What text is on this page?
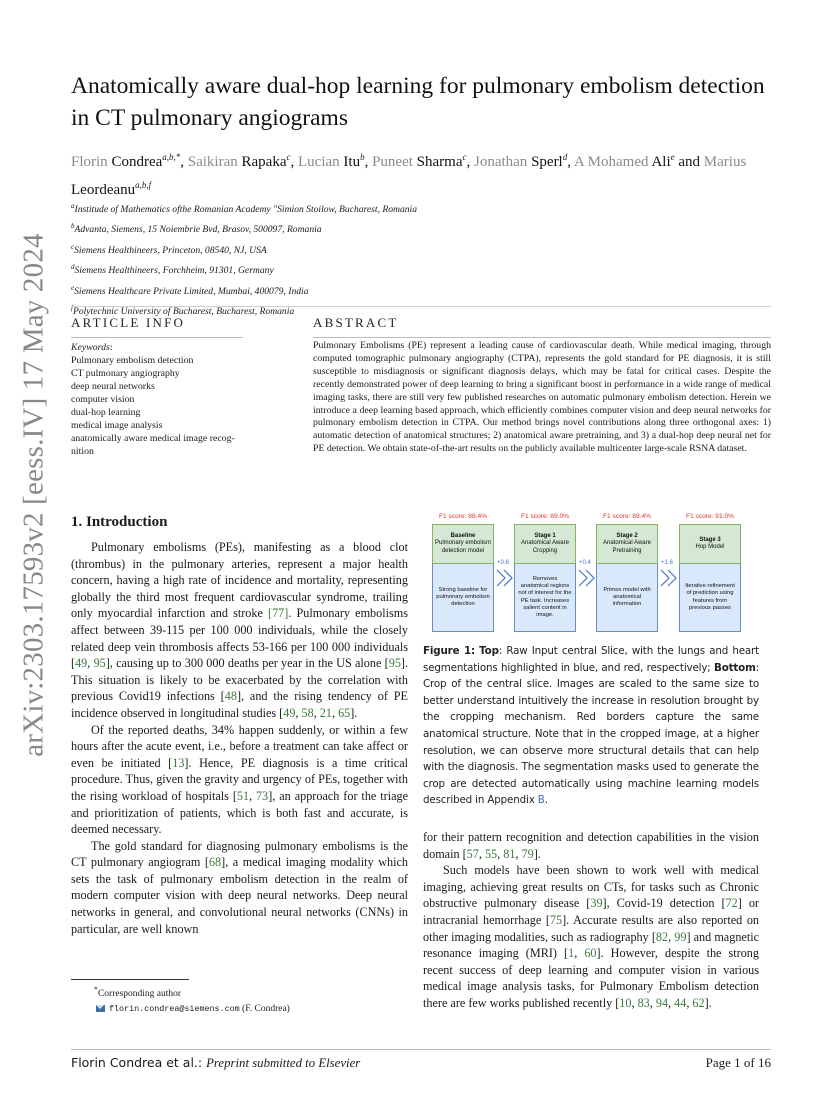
arXiv:2303.17593v2 [eess.IV] 17 May 2024
Anatomically aware dual-hop learning for pulmonary embolism detection in CT pulmonary angiograms
Florin Condrea$^{a,b,*}$, Saikiran Rapaka$^c$, Lucian Itu$^b$, Puneet Sharma$^c$, Jonathan Sperl$^d$, A Mohamed Ali$^e$ and Marius Leordeanu$^{a,b,f}$
$^a$Institude of Mathematics ofthe Romanian Academy "Simion Stoilow, Bucharest, Romania
$^b$Advanta, Siemens, 15 Noiembrie Bvd, Brasov, 500097, Romania
$^c$Siemens Healthineers, Princeton, 08540, NJ, USA
$^d$Siemens Healthineers, Forchheim, 91301, Germany
$^e$Siemens Healthcare Private Limited, Mumbai, 400079, India
$^f$Polytechnic University of Bucharest, Bucharest, Romania
ARTICLE INFO
Keywords:
Pulmonary embolism detection
CT pulmonary angiography
deep neural networks
computer vision
dual-hop learning
medical image analysis
anatomically aware medical image recog-
nition
ABSTRACT
Pulmonary Embolisms (PE) represent a leading cause of cardiovascular death. While medical imaging, through computed tomographic pulmonary angiography (CTPA), represents the gold standard for PE diagnosis, it is still susceptible to misdiagnosis or significant diagnosis delays, which may be fatal for critical cases. Despite the recently demonstrated power of deep learning to bring a significant boost in performance in a wide range of medical imaging tasks, there are still very few published researches on automatic pulmonary embolism detection. Herein we introduce a deep learning based approach, which efficiently combines computer vision and deep neural networks for pulmonary embolism detection in CTPA. Our method brings novel contributions along three orthogonal axes: 1) automatic detection of anatomical structures; 2) anatomical aware pretraining, and 3) a dual-hop deep neural net for PE detection. We obtain state-of-the-art results on the publicly available multicenter large-scale RSNA dataset.
1. Introduction

Pulmonary embolisms (PEs), manifesting as a blood clot (thrombus) in the pulmonary arteries, represent a major health concern, having a high rate of incidence and mortality, representing globally the third most frequent cardiovascular syndrome, trailing only myocardial infarction and stroke [77]. Pulmonary embolisms affect between 39-115 per 100 000 individuals, while the closely related deep vein thrombosis affects 53-166 per 100 000 individuals [49, 95], causing up to 300 000 deaths per year in the US alone [95]. This situation is likely to be exacerbated by the correlation with previous Covid19 infections [48], and the rising tendency of PE incidence observed in longitudinal studies [49, 58, 21, 65].

Of the reported deaths, 34% happen suddenly, or within a few hours after the acute event, i.e., before a treatment can take affect or even be initiated [13]. Hence, PE diagnosis is a time critical procedure. Thus, given the gravity and urgency of PEs, together with the rising workload of hospitals [51, 73], an approach for the triage and prioritization of patients, which is both fast and accurate, is deemed necessary.

The gold standard for diagnosing pulmonary embolisms is the CT pulmonary angiogram [68], a medical imaging modality which sets the task of pulmonary embolism detection in the realm of modern computer vision with deep neural networks. Deep neural networks in general, and convolutional neural networks (CNNs) in particular, are well known

*Corresponding author
florin.condrea@siemens.com (F. Condrea)
F1 score: 88.4%
Baseline
Pulmonary embolism detection model
Strong baseline for pulmonary embolism detection
F1 score: 89.0%
Stage 1
Anatomical Aware Cropping
Removes anatomical regions not of interest for the PE task. Increases salient content in image.
F1 score: 89.4%
Stage 2
Anatomical Aware Pretraining
Primes model with anatomical information
F1 score: 91.0%
Stage 3
Hop Model
Iterative refinement of prediction using features from previous passes
+0.6	+0.4	+1.6
Figure 1: Top: Raw Input central Slice, with the lungs and heart segmentations highlighted in blue, and red, respectively; Bottom: Crop of the central slice. Images are scaled to the same size to better understand intuitively the increase in resolution brought by the cropping mechanism. Red borders capture the same anatomical structure. Note that in the cropped image, at a higher resolution, we can observe more structural details that can help with the diagnosis. The segmentation masks used to generate the crop are detected automatically using machine learning models described in Appendix B.

for their pattern recognition and detection capabilities in the vision domain [57, 55, 81, 79].

Such models have been shown to work well with medical imaging, achieving great results on CTs, for tasks such as Chronic obstructive pulmonary disease [39], Covid-19 detection [72] or intracranial hemorrhage [75]. Accurate results are also reported on other imaging modalities, such as radiography [82, 99] and magnetic resonance imaging (MRI) [1, 60]. However, despite the strong recent success of deep learning and computer vision in various medical image analysis tasks, for Pulmonary Embolism detection there are few works published recently [10, 83, 94, 44, 62].

Florin Condrea et al.: Preprint submitted to Elsevier	Page 1 of 16
